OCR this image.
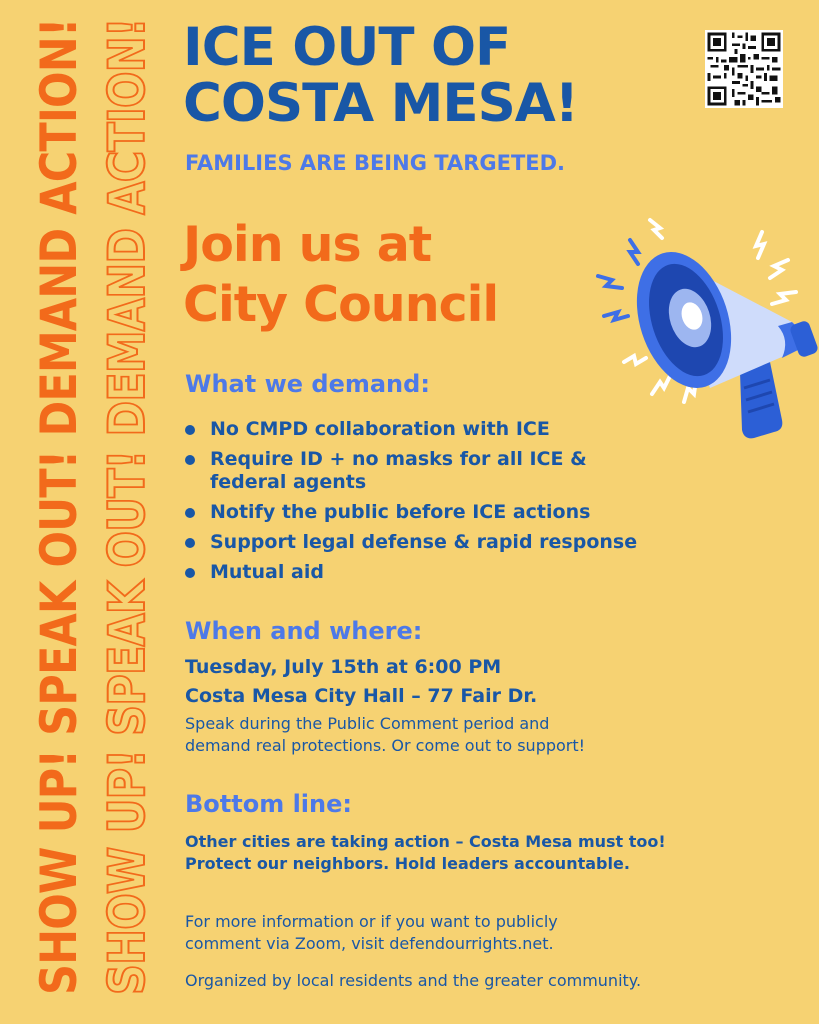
SHOW UP! SPEAK OUT! DEMAND ACTION! SHOW UP! SPEAK OUT! DEMAND ACTION! ICE OUT OF
COSTA MESA!

FAMILIES ARE BEING TARGETED.

Join us at
City Council
What we demand:
No CMPD collaboration with ICE
Require ID + no masks for all ICE & federal agents
Notify the public before ICE actions
Support legal defense & rapid response
Mutual aid
When and where:

Tuesday, July 15th at 6:00 PM

Costa Mesa City Hall – 77 Fair Dr.

Speak during the Public Comment period and
demand real protections. Or come out to support!

Bottom line:

Other cities are taking action – Costa Mesa must too!
Protect our neighbors. Hold leaders accountable.

For more information or if you want to publicly
comment via Zoom, visit defendourrights.net.

Organized by local residents and the greater community.
